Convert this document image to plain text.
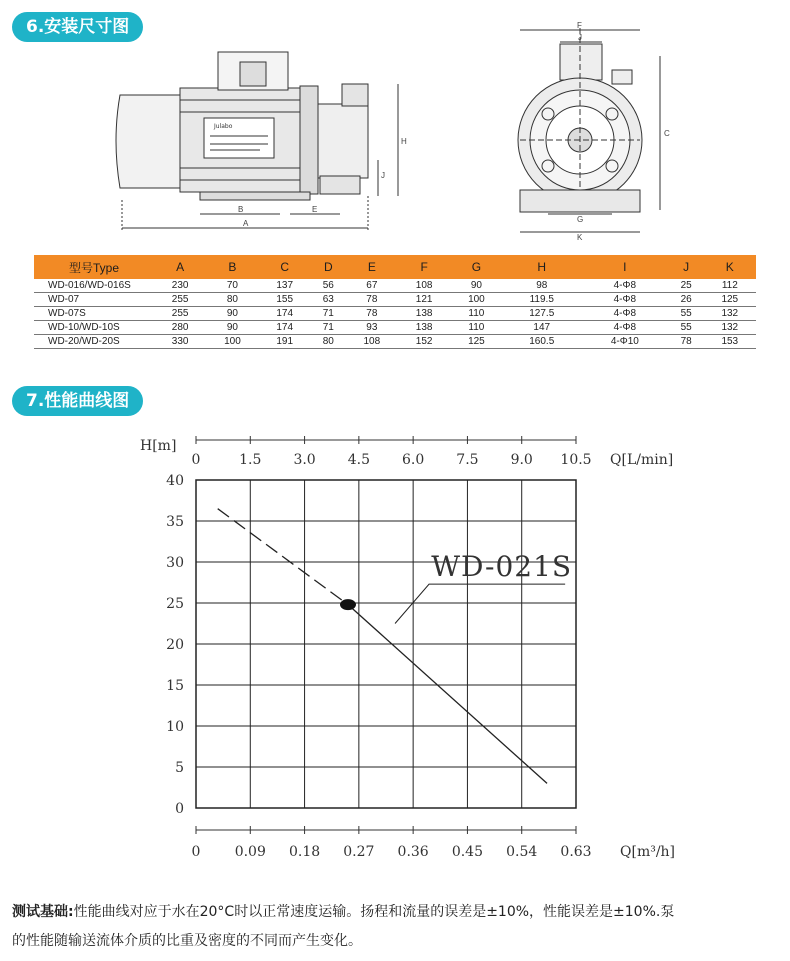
6.安装尺寸图
Julabo
B	E
A
H
J
F
J
C
G
K
型号Type	A	B	C	D	E	F	G	H	I	J	K
WD-016/WD-016S	230	70	137	56	67	108	90	98	4-Φ8	25	112
WD-07	255	80	155	63	78	121	100	119.5	4-Φ8	26	125
WD-07S	255	90	174	71	78	138	110	127.5	4-Φ8	55	132
WD-10/WD-10S	280	90	174	71	93	138	110	147	4-Φ8	55	132
WD-20/WD-20S	330	100	191	80	108	152	125	160.5	4-Φ10	78	153
7.性能曲线图
0
5
10
15
20
25
30
35
40
0	1.5 3.0 4.5 6.0 7.5 9.0 10.5
0 0.09 0.18 0.27 0.36 0.45 0.54 0.63
H[m]
Q[L/min]
Q[m³/h]
WD-021S
测试基础:性能曲线对应于水在20°C时以正常速度运输。扬程和流量的误差是±10%，性能误差是±10%.泵
的性能随输送流体介质的比重及密度的不同而产生变化。
